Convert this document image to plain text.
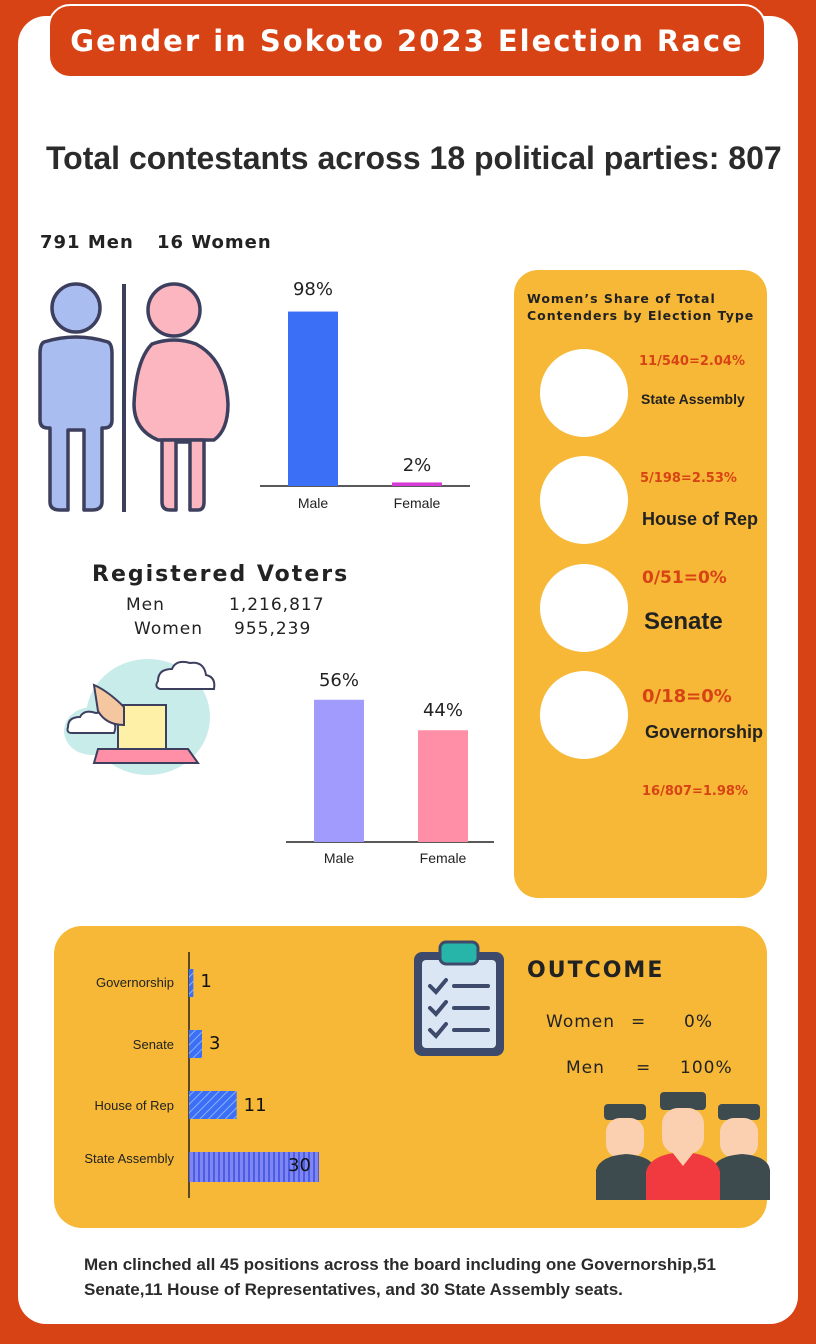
Gender in Sokoto 2023 Election Race
Total contestants across 18 political parties: 807
791 Men 16 Women
98%
2%
Male	Female
Registered Voters
Men	1,216,817
Women 955,239
56%
44%
Male	Female
Women’s Share of Total Contenders by Election Type
11/540=2.04%
State Assembly
5/198=2.53%
House of Rep
0/51=0%
Senate
0/18=0%
Governorship
16/807=1.98%
Governorship
Senate
House of Rep
State Assembly
1
3
11
30
OUTCOME
Women = 0%
Men = 100%
Men clinched all 45 positions across the board including one Governorship,51 Senate,11 House of Representatives, and 30 State Assembly seats.
